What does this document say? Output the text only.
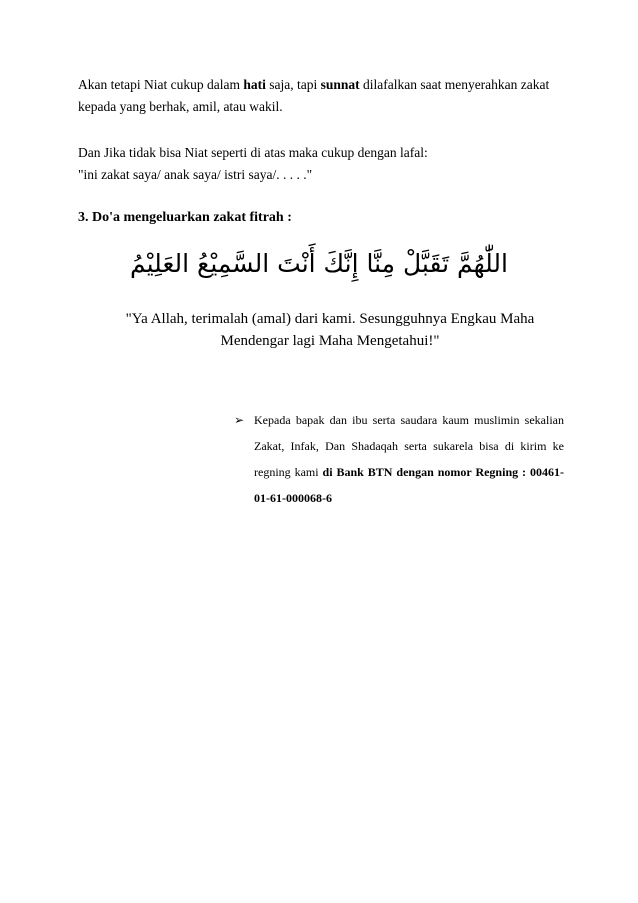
Akan tetapi Niat cukup dalam hati saja, tapi sunnat dilafalkan saat menyerahkan zakat kepada yang berhak, amil, atau wakil.

Dan Jika tidak bisa Niat seperti di atas maka cukup dengan lafal:
"ini zakat saya/ anak saya/ istri saya/. . . . ."

3. Do'a mengeluarkan zakat fitrah :

اللّٰهُمَّ تَقَبَّلْ مِنَّا إِنَّكَ أَنْتَ السَّمِيْعُ العَلِيْمُ

"Ya Allah, terimalah (amal) dari kami. Sesungguhnya Engkau Maha
Mendengar lagi Maha Mengetahui!"
➢ Kepada bapak dan ibu serta saudara kaum muslimin sekalian Zakat, Infak, Dan Shadaqah serta sukarela bisa di kirim ke regning kami di Bank BTN dengan nomor Regning : 00461-01-61-000068-6
